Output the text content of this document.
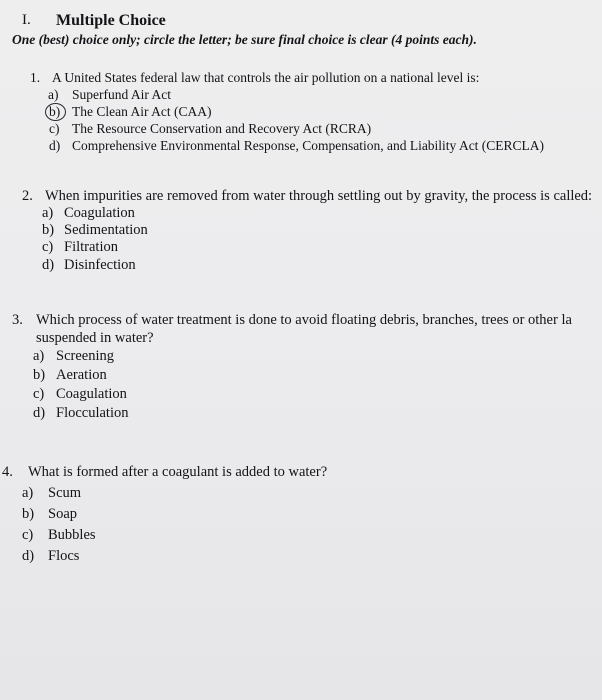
I. Multiple Choice
One (best) choice only; circle the letter; be sure final choice is clear (4 points each).
1. A United States federal law that controls the air pollution on a national level is:
a) Superfund Air Act
b) The Clean Air Act (CAA)
c) The Resource Conservation and Recovery Act (RCRA)
d) Comprehensive Environmental Response, Compensation, and Liability Act (CERCLA)
2. When impurities are removed from water through settling out by gravity, the process is called:
a) Coagulation
b) Sedimentation
c) Filtration
d) Disinfection
3. Which process of water treatment is done to avoid floating debris, branches, trees or other la
suspended in water?
a) Screening
b) Aeration
c) Coagulation
d) Flocculation
4. What is formed after a coagulant is added to water?
a) Scum
b) Soap
c) Bubbles
d) Flocs
